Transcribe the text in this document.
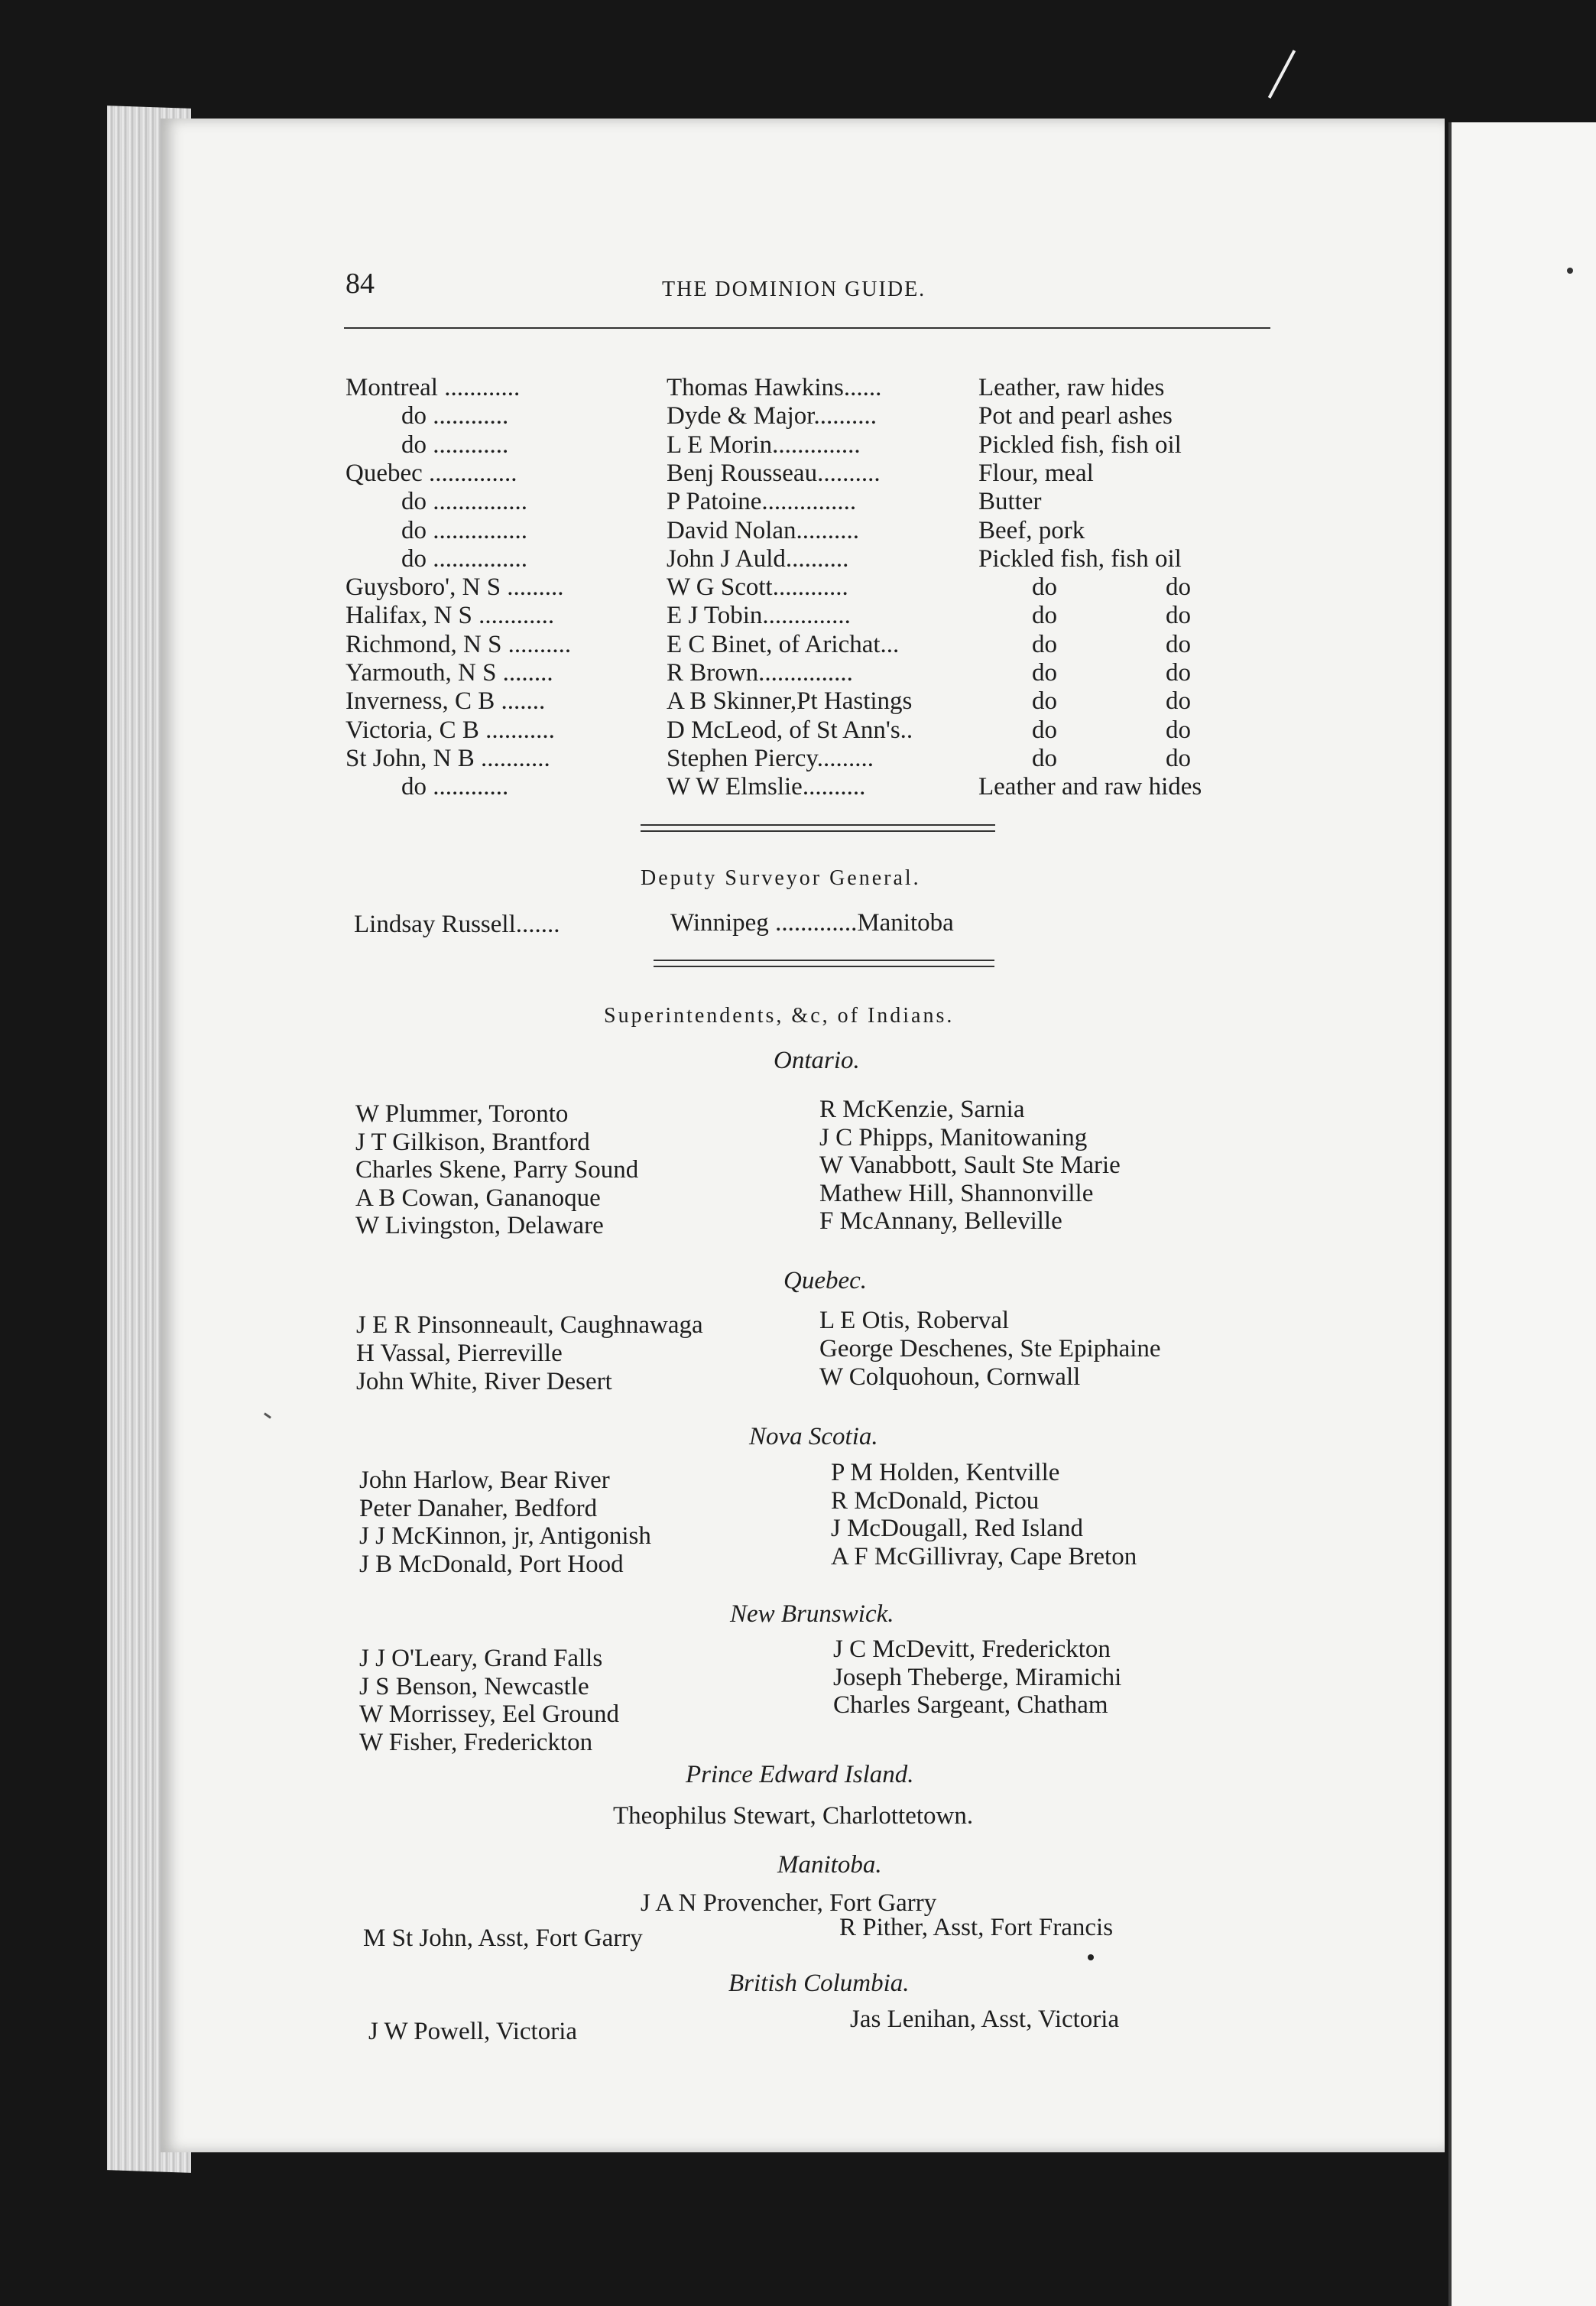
84	THE DOMINION GUIDE.
Montreal ............	Thomas Hawkins......	Leather, raw hides
do ............	Dyde & Major..........	Pot and pearl ashes
do ............	L E Morin..............	Pickled fish, fish oil
Quebec ..............	Benj Rousseau..........	Flour, meal
do ...............	P Patoine...............	Butter
do ...............	David Nolan..........	Beef, pork
do ...............	John J Auld..........	Pickled fish, fish oil
Guysboro', N S .........	W G Scott............	do	do
Halifax, N S ............	E J Tobin..............	do	do
Richmond, N S ..........	E C Binet, of Arichat...	do	do
Yarmouth, N S ........	R Brown...............	do	do
Inverness, C B .......	A B Skinner,Pt Hastings	do	do
Victoria, C B ...........	D McLeod, of St Ann's..	do	do
St John, N B ...........	Stephen Piercy.........	do	do
do ............	W W Elmslie..........	Leather and raw hides
Deputy Surveyor General.
Lindsay Russell.......	Winnipeg .............Manitoba
Superintendents, &c, of Indians.
Ontario.
W Plummer, Toronto
J T Gilkison, Brantford
Charles Skene, Parry Sound
A B Cowan, Gananoque
W Livingston, Delaware
R McKenzie, Sarnia
J C Phipps, Manitowaning
W Vanabbott, Sault Ste Marie
Mathew Hill, Shannonville
F McAnnany, Belleville
Quebec.
J E R Pinsonneault, Caughnawaga
H Vassal, Pierreville
John White, River Desert
L E Otis, Roberval
George Deschenes, Ste Epiphaine
W Colquohoun, Cornwall
Nova Scotia.
John Harlow, Bear River
Peter Danaher, Bedford
J J McKinnon, jr, Antigonish
J B McDonald, Port Hood
P M Holden, Kentville
R McDonald, Pictou
J McDougall, Red Island
A F McGillivray, Cape Breton
New Brunswick.
J J O'Leary, Grand Falls
J S Benson, Newcastle
W Morrissey, Eel Ground
W Fisher, Frederickton
J C McDevitt, Frederickton
Joseph Theberge, Miramichi
Charles Sargeant, Chatham
Prince Edward Island.
Theophilus Stewart, Charlottetown.
Manitoba.
J A N Provencher, Fort Garry
M St John, Asst, Fort Garry	R Pither, Asst, Fort Francis
British Columbia.
J W Powell, Victoria	Jas Lenihan, Asst, Victoria
